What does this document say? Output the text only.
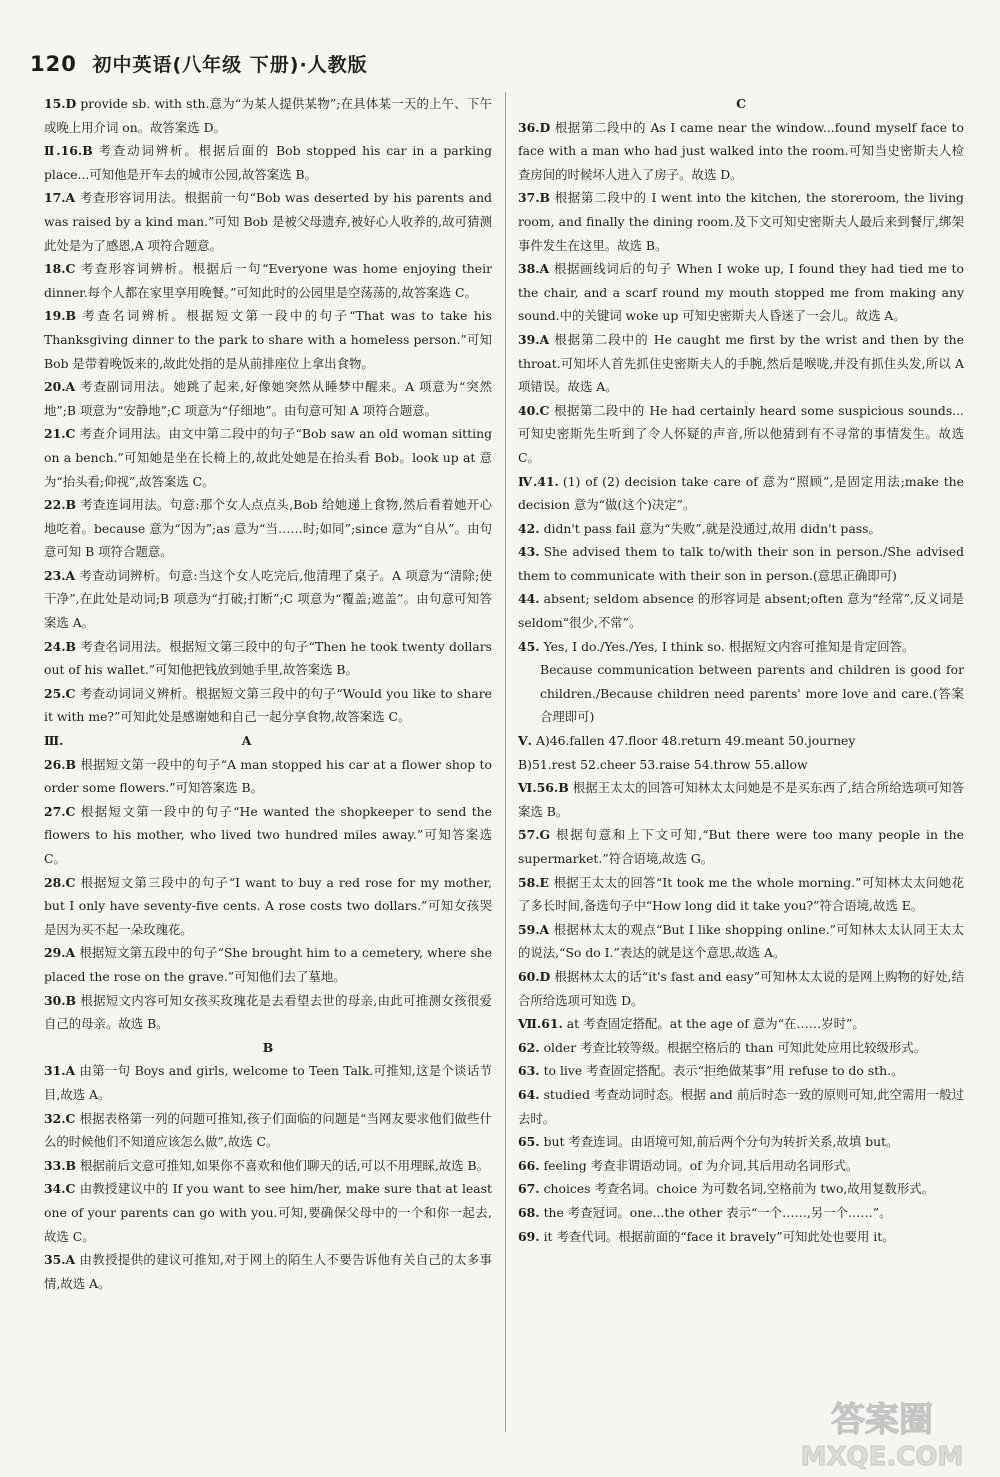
120 初中英语(八年级 下册)·人教版

15.D provide sb. with sth.意为“为某人提供某物”;在具体某一天的上午、下午或晚上用介词 on。故答案选 D。

Ⅱ.16.B 考查动词辨析。根据后面的 Bob stopped his car in a parking place...可知他是开车去的城市公园,故答案选 B。

17.A 考查形容词用法。根据前一句“Bob was deserted by his parents and was raised by a kind man.”可知 Bob 是被父母遗弃,被好心人收养的,故可猜测此处是为了感恩,A 项符合题意。

18.C 考查形容词辨析。根据后一句“Everyone was home enjoying their dinner.每个人都在家里享用晚餐。”可知此时的公园里是空荡荡的,故答案选 C。

19.B 考查名词辨析。根据短文第一段中的句子“That was to take his Thanksgiving dinner to the park to share with a homeless person.”可知 Bob 是带着晚饭来的,故此处指的是从前排座位上拿出食物。

20.A 考查副词用法。她跳了起来,好像她突然从睡梦中醒来。A 项意为“突然地”;B 项意为“安静地”;C 项意为“仔细地”。由句意可知 A 项符合题意。

21.C 考查介词用法。由文中第二段中的句子“Bob saw an old woman sitting on a bench.”可知她是坐在长椅上的,故此处她是在抬头看 Bob。look up at 意为“抬头看;仰视”,故答案选 C。

22.B 考查连词用法。句意:那个女人点点头,Bob 给她递上食物,然后看着她开心地吃着。because 意为“因为”;as 意为“当……时;如同”;since 意为“自从”。由句意可知 B 项符合题意。

23.A 考查动词辨析。句意:当这个女人吃完后,他清理了桌子。A 项意为“清除;使干净”,在此处是动词;B 项意为“打破;打断”;C 项意为“覆盖;遮盖”。由句意可知答案选 A。

24.B 考查名词用法。根据短文第三段中的句子“Then he took twenty dollars out of his wallet.”可知他把钱放到她手里,故答案选 B。

25.C 考查动词词义辨析。根据短文第三段中的句子“Would you like to share it with me?”可知此处是感谢她和自己一起分享食物,故答案选 C。

Ⅲ.	A

26.B 根据短文第一段中的句子“A man stopped his car at a flower shop to order some flowers.”可知答案选 B。

27.C 根据短文第一段中的句子“He wanted the shopkeeper to send the flowers to his mother, who lived two hundred miles away.”可知答案选 C。

28.C 根据短文第三段中的句子“I want to buy a red rose for my mother, but I only have seventy-five cents. A rose costs two dollars.”可知女孩哭是因为买不起一朵玫瑰花。

29.A 根据短文第五段中的句子“She brought him to a cemetery, where she placed the rose on the grave.”可知他们去了墓地。

30.B 根据短文内容可知女孩买玫瑰花是去看望去世的母亲,由此可推测女孩很爱自己的母亲。故选 B。

B

31.A 由第一句 Boys and girls, welcome to Teen Talk.可推知,这是个谈话节目,故选 A。

32.C 根据表格第一列的问题可推知,孩子们面临的问题是“当网友要求他们做些什么的时候他们不知道应该怎么做”,故选 C。

33.B 根据前后文意可推知,如果你不喜欢和他们聊天的话,可以不用理睬,故选 B。

34.C 由教授建议中的 If you want to see him/her, make sure that at least one of your parents can go with you.可知,要确保父母中的一个和你一起去,故选 C。

35.A 由教授提供的建议可推知,对于网上的陌生人不要告诉他有关自己的太多事情,故选 A。

C

36.D 根据第二段中的 As I came near the window...found myself face to face with a man who had just walked into the room.可知当史密斯夫人检查房间的时候坏人进入了房子。故选 D。

37.B 根据第二段中的 I went into the kitchen, the storeroom, the living room, and finally the dining room.及下文可知史密斯夫人最后来到餐厅,绑架事件发生在这里。故选 B。

38.A 根据画线词后的句子 When I woke up, I found they had tied me to the chair, and a scarf round my mouth stopped me from making any sound.中的关键词 woke up 可知史密斯夫人昏迷了一会儿。故选 A。

39.A 根据第二段中的 He caught me first by the wrist and then by the throat.可知坏人首先抓住史密斯夫人的手腕,然后是喉咙,并没有抓住头发,所以 A 项错误。故选 A。

40.C 根据第二段中的 He had certainly heard some suspicious sounds...可知史密斯先生听到了令人怀疑的声音,所以他猜到有不寻常的事情发生。故选 C。

Ⅳ.41. (1) of (2) decision take care of 意为“照顾”,是固定用法;make the decision 意为“做(这个)决定”。

42. didn't pass fail 意为“失败”,就是没通过,故用 didn't pass。

43. She advised them to talk to/with their son in person./She advised them to communicate with their son in person.(意思正确即可)

44. absent; seldom absence 的形容词是 absent;often 意为“经常”,反义词是 seldom“很少,不常”。

45. Yes, I do./Yes./Yes, I think so. 根据短文内容可推知是肯定回答。

Because communication between parents and children is good for children./Because children need parents' more love and care.(答案合理即可)

Ⅴ. A)46.fallen 47.floor 48.return 49.meant 50.journey

B)51.rest 52.cheer 53.raise 54.throw 55.allow

Ⅵ.56.B 根据王太太的回答可知林太太问她是不是买东西了,结合所给选项可知答案选 B。

57.G 根据句意和上下文可知,“But there were too many people in the supermarket.”符合语境,故选 G。

58.E 根据王太太的回答“It took me the whole morning.”可知林太太问她花了多长时间,备选句子中“How long did it take you?”符合语境,故选 E。

59.A 根据林太太的观点“But I like shopping online.”可知林太太认同王太太的说法,“So do I.”表达的就是这个意思,故选 A。

60.D 根据林太太的话“it's fast and easy”可知林太太说的是网上购物的好处,结合所给选项可知选 D。

Ⅶ.61. at 考查固定搭配。at the age of 意为“在……岁时”。

62. older 考查比较等级。根据空格后的 than 可知此处应用比较级形式。

63. to live 考查固定搭配。表示“拒绝做某事”用 refuse to do sth.。

64. studied 考查动词时态。根据 and 前后时态一致的原则可知,此空需用一般过去时。

65. but 考查连词。由语境可知,前后两个分句为转折关系,故填 but。

66. feeling 考查非谓语动词。of 为介词,其后用动名词形式。

67. choices 考查名词。choice 为可数名词,空格前为 two,故用复数形式。

68. the 考查冠词。one...the other 表示“一个……,另一个……”。

69. it 考查代词。根据前面的“face it bravely”可知此处也要用 it。

答案圈
MXQE.COM
